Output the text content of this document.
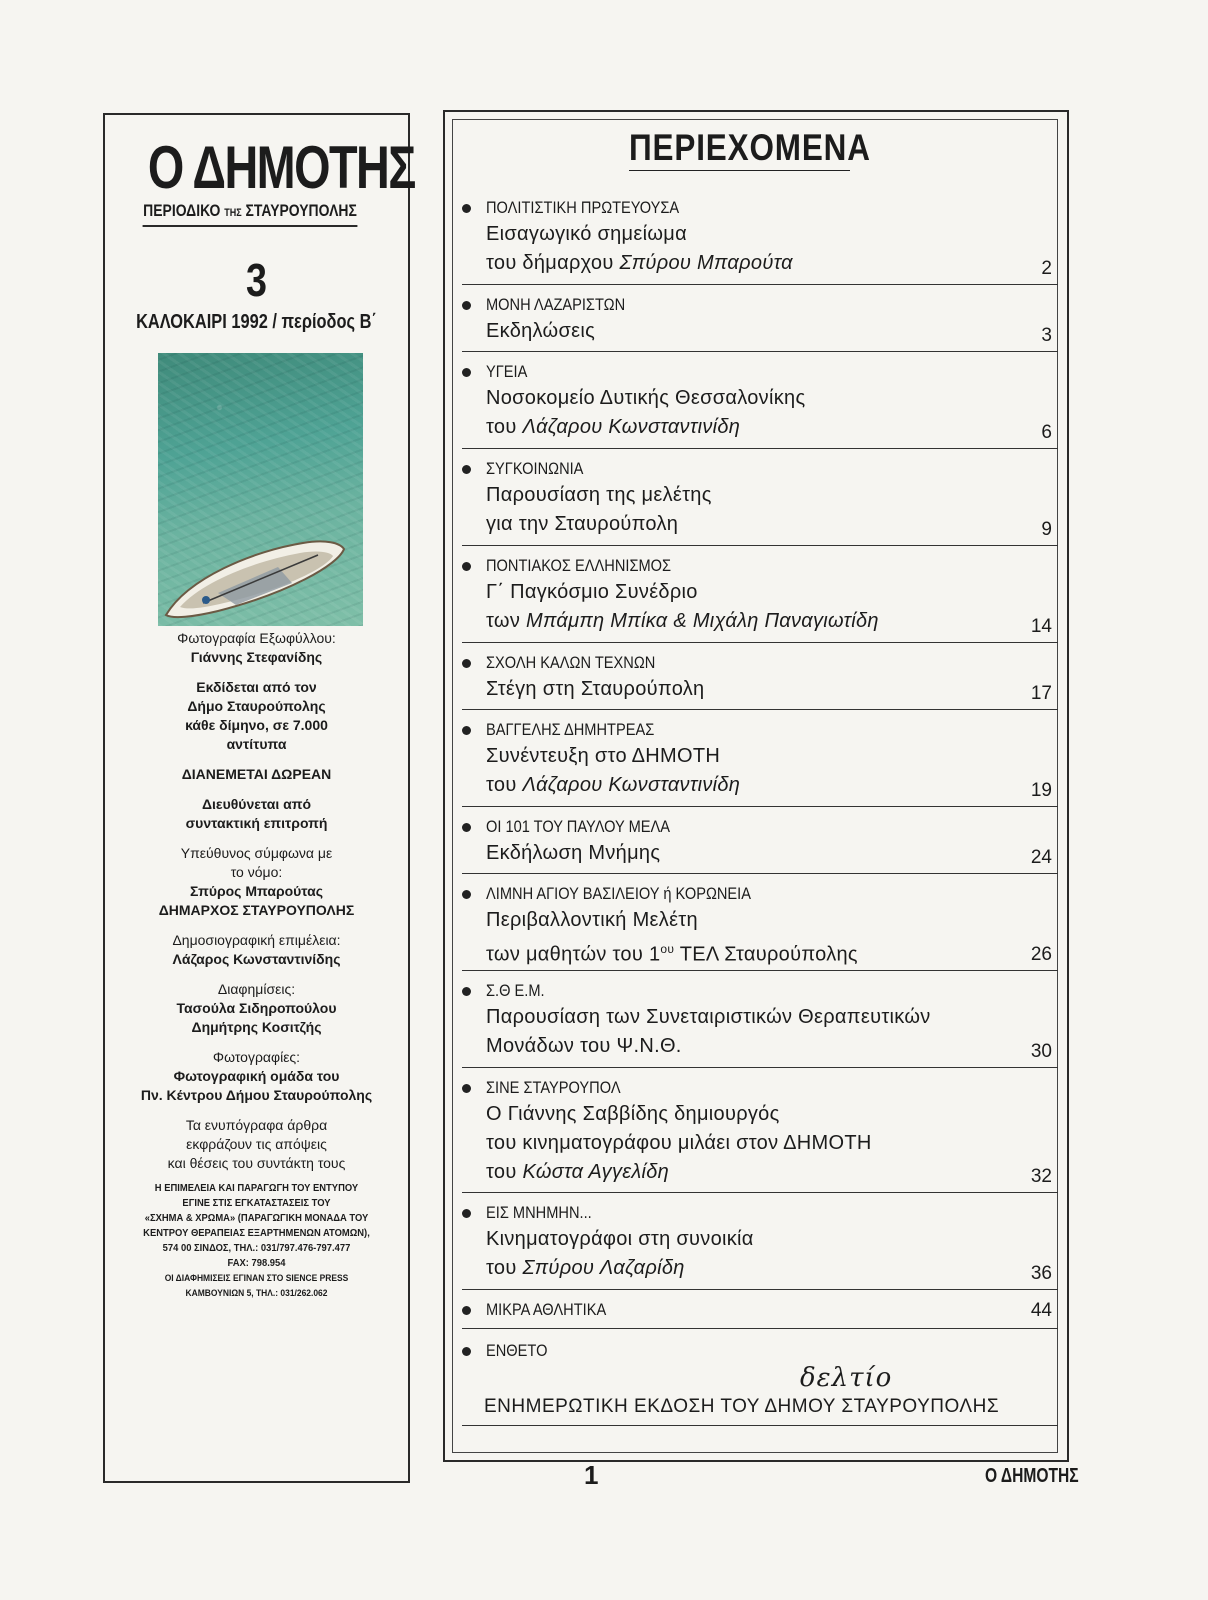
Ο ΔΗΜΟΤΗΣ
ΠΕΡΙΟΔΙΚΟ ΤΗΣ ΣΤΑΥΡΟΥΠΟΛΗΣ
3
ΚΑΛΟΚΑΙΡΙ 1992 / περίοδος Β΄

Φωτογραφία Εξωφύλλου:

Γιάννης Στεφανίδης

Εκδίδεται από τον

Δήμο Σταυρούπολης

κάθε δίμηνο, σε 7.000

αντίτυπα

ΔΙΑΝΕΜΕΤΑΙ ΔΩΡΕΑΝ

Διευθύνεται από

συντακτική επιτροπή

Υπεύθυνος σύμφωνα με

το νόμο:

Σπύρος Μπαρούτας

ΔΗΜΑΡΧΟΣ ΣΤΑΥΡΟΥΠΟΛΗΣ

Δημοσιογραφική επιμέλεια:

Λάζαρος Κωνσταντινίδης

Διαφημίσεις:

Τασούλα Σιδηροπούλου

Δημήτρης Κοσιτζής

Φωτογραφίες:

Φωτογραφική ομάδα του

Πν. Κέντρου Δήμου Σταυρούπολης

Τα ενυπόγραφα άρθρα

εκφράζουν τις απόψεις

και θέσεις του συντάκτη τους

Η ΕΠΙΜΕΛΕΙΑ ΚΑΙ ΠΑΡΑΓΩΓΗ ΤΟΥ ΕΝΤΥΠΟΥ

ΕΓΙΝΕ ΣΤΙΣ ΕΓΚΑΤΑΣΤΑΣΕΙΣ ΤΟΥ

«ΣΧΗΜΑ & ΧΡΩΜΑ» (ΠΑΡΑΓΩΓΙΚΗ ΜΟΝΑΔΑ ΤΟΥ

ΚΕΝΤΡΟΥ ΘΕΡΑΠΕΙΑΣ ΕΞΑΡΤΗΜΕΝΩΝ ΑΤΟΜΩΝ),

574 00 ΣΙΝΔΟΣ, ΤΗΛ.: 031/797.476-797.477

FAX: 798.954

ΟΙ ΔΙΑΦΗΜΙΣΕΙΣ ΕΓΙΝΑΝ ΣΤΟ SIENCE PRESS

ΚΑΜΒΟΥΝΙΩΝ 5, ΤΗΛ.: 031/262.062

ΠΕΡΙΕΧΟΜΕΝΑ
ΠΟΛΙΤΙΣΤΙΚΗ ΠΡΩΤΕΥΟΥΣΑ
Εισαγωγικό σημείωμα
του δήμαρχου Σπύρου Μπαρούτα	2
ΜΟΝΗ ΛΑΖΑΡΙΣΤΩΝ
Εκδηλώσεις	3
ΥΓΕΙΑ
Νοσοκομείο Δυτικής Θεσσαλονίκης
του Λάζαρου Κωνσταντινίδη	6
ΣΥΓΚΟΙΝΩΝΙΑ
Παρουσίαση της μελέτης
για την Σταυρούπολη	9
ΠΟΝΤΙΑΚΟΣ ΕΛΛΗΝΙΣΜΟΣ
Γ΄ Παγκόσμιο Συνέδριο
των Μπάμπη Μπίκα & Μιχάλη Παναγιωτίδη	14
ΣΧΟΛΗ ΚΑΛΩΝ ΤΕΧΝΩΝ
Στέγη στη Σταυρούπολη	17
ΒΑΓΓΕΛΗΣ ΔΗΜΗΤΡΕΑΣ
Συνέντευξη στο ΔΗΜΟΤΗ
του Λάζαρου Κωνσταντινίδη	19
ΟΙ 101 ΤΟΥ ΠΑΥΛΟΥ ΜΕΛΑ
Εκδήλωση Μνήμης	24
ΛΙΜΝΗ ΑΓΙΟΥ ΒΑΣΙΛΕΙΟΥ ή ΚΟΡΩΝΕΙΑ
Περιβαλλοντική Μελέτη
των μαθητών του $1^{o\upsilon}$ ΤΕΛ Σταυρούπολης	26
Σ.Θ Ε.Μ.
Παρουσίαση των Συνεταιριστικών Θεραπευτικών
Μονάδων του Ψ.Ν.Θ.	30
ΣΙΝΕ ΣΤΑΥΡΟΥΠΟΛ
Ο Γιάννης Σαββίδης δημιουργός
του κινηματογράφου μιλάει στον ΔΗΜΟΤΗ
του Κώστα Αγγελίδη	32
ΕΙΣ ΜΝΗΜΗΝ...
Κινηματογράφοι στη συνοικία
του Σπύρου Λαζαρίδη	36
ΜΙΚΡΑ ΑΘΛΗΤΙΚΑ	44
ΕΝΘΕΤΟ
δελτίο
ΕΝΗΜΕΡΩΤΙΚΗ ΕΚΔΟΣΗ ΤΟΥ ΔΗΜΟΥ ΣΤΑΥΡΟΥΠΟΛΗΣ
1	Ο ΔΗΜΟΤΗΣ
